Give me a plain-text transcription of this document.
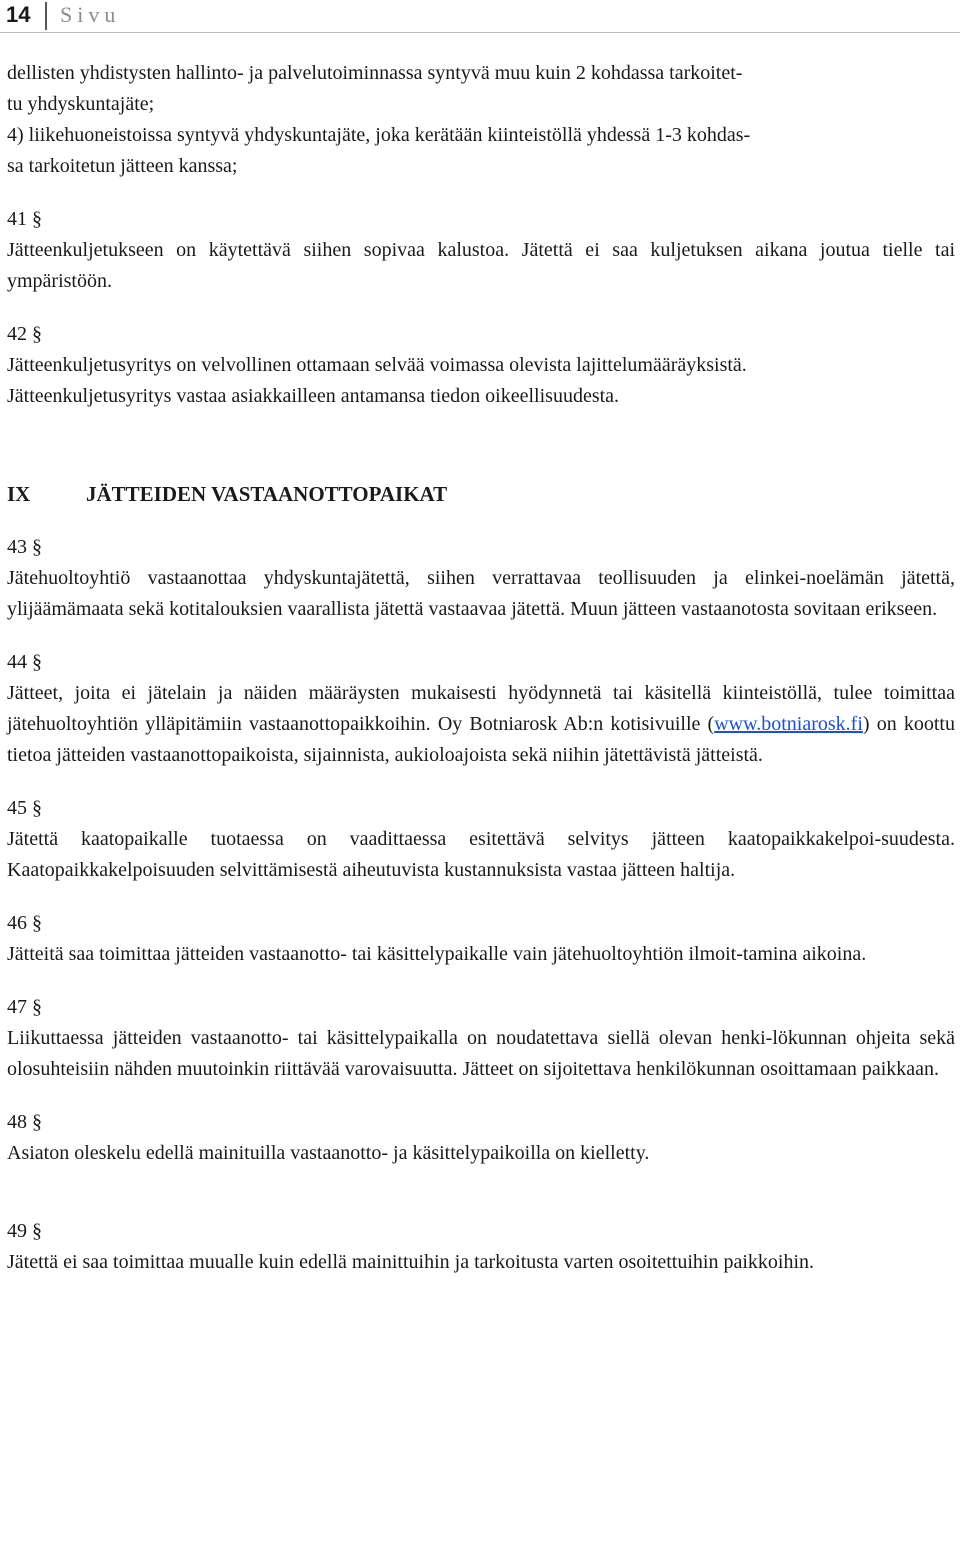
14 Sivu

dellisten yhdistysten hallinto- ja palvelutoiminnassa syntyvä muu kuin 2 kohdassa tarkoitet-

tu yhdyskuntajäte;

4) liikehuoneistoissa syntyvä yhdyskuntajäte, joka kerätään kiinteistöllä yhdessä 1-3 kohdas-

sa tarkoitetun jätteen kanssa;

41 §

Jätteenkuljetukseen on käytettävä siihen sopivaa kalustoa. Jätettä ei saa kuljetuksen aikana joutua tielle tai ympäristöön.

42 §

Jätteenkuljetusyritys on velvollinen ottamaan selvää voimassa olevista lajittelumääräyksistä.

Jätteenkuljetusyritys vastaa asiakkailleen antamansa tiedon oikeellisuudesta.

IX	JÄTTEIDEN VASTAANOTTOPAIKAT
43 §

Jätehuoltoyhtiö vastaanottaa yhdyskuntajätettä, siihen verrattavaa teollisuuden ja elinkei-noelämän jätettä, ylijäämämaata sekä kotitalouksien vaarallista jätettä vastaavaa jätettä. Muun jätteen vastaanotosta sovitaan erikseen.

44 §

Jätteet, joita ei jätelain ja näiden määräysten mukaisesti hyödynnetä tai käsitellä kiinteistöllä, tulee toimittaa jätehuoltoyhtiön ylläpitämiin vastaanottopaikkoihin. Oy Botniarosk Ab:n kotisivuille (www.botniarosk.fi) on koottu tietoa jätteiden vastaanottopaikoista, sijainnista, aukioloajoista sekä niihin jätettävistä jätteistä.

45 §

Jätettä kaatopaikalle tuotaessa on vaadittaessa esitettävä selvitys jätteen kaatopaikkakelpoi-suudesta. Kaatopaikkakelpoisuuden selvittämisestä aiheutuvista kustannuksista vastaa jätteen haltija.

46 §

Jätteitä saa toimittaa jätteiden vastaanotto- tai käsittelypaikalle vain jätehuoltoyhtiön ilmoit-tamina aikoina.

47 §

Liikuttaessa jätteiden vastaanotto- tai käsittelypaikalla on noudatettava siellä olevan henki-lökunnan ohjeita sekä olosuhteisiin nähden muutoinkin riittävää varovaisuutta. Jätteet on sijoitettava henkilökunnan osoittamaan paikkaan.

48 §

Asiaton oleskelu edellä mainituilla vastaanotto- ja käsittelypaikoilla on kielletty.

49 §

Jätettä ei saa toimittaa muualle kuin edellä mainittuihin ja tarkoitusta varten osoitettuihin paikkoihin.
